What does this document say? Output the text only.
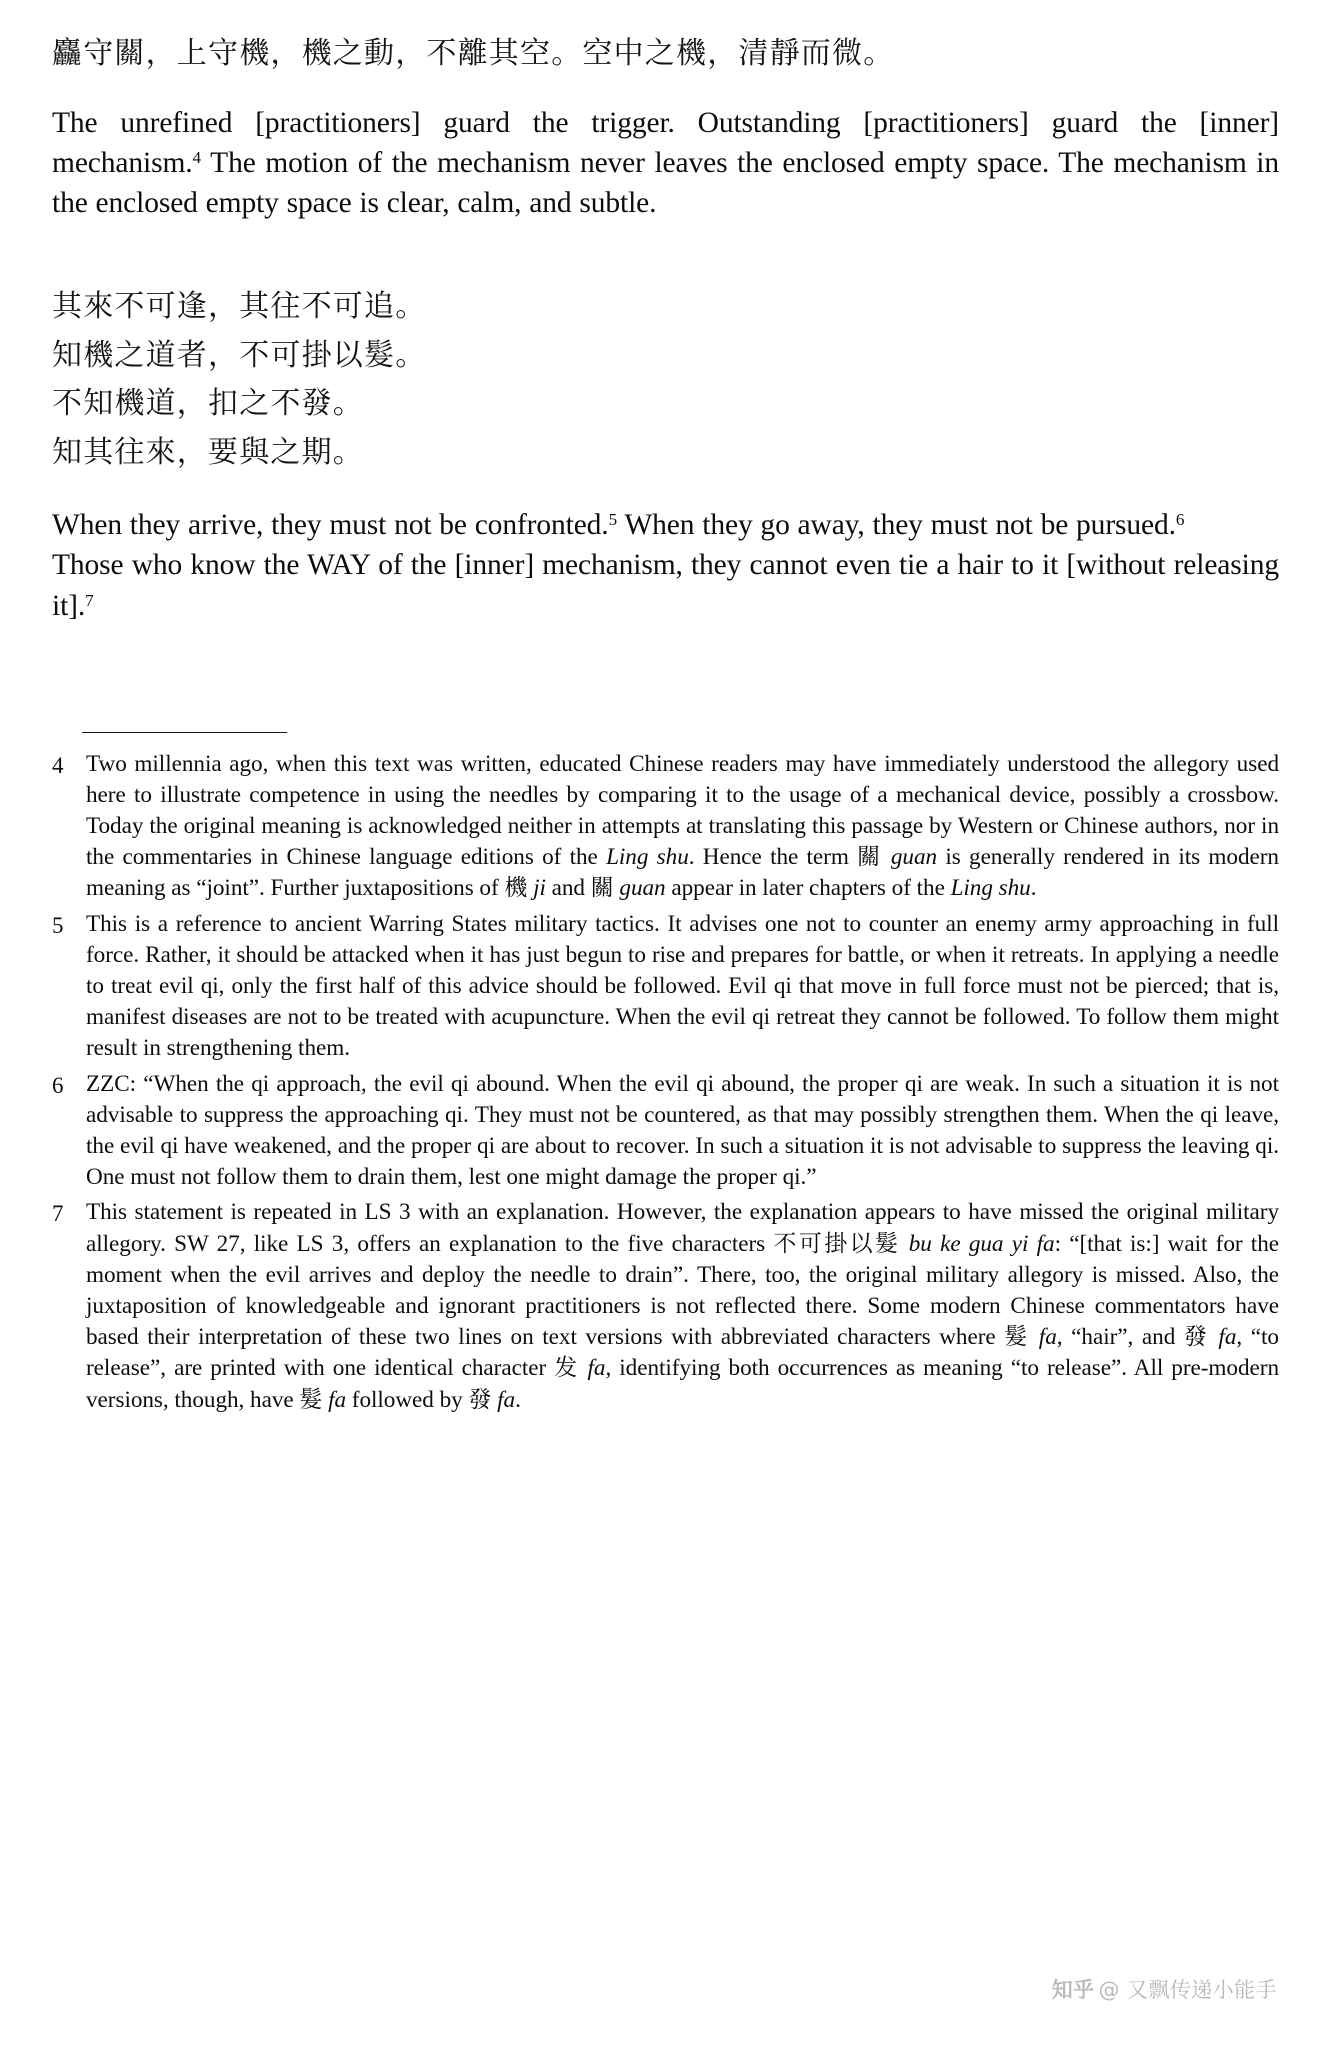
麤守關，上守機，機之動，不離其空。空中之機，清靜而微。

The unrefined [practitioners] guard the trigger. Outstanding [practitioners] guard the [inner] mechanism.$^4$ The motion of the mechanism never leaves the enclosed empty space. The mechanism in the enclosed empty space is clear, calm, and subtle.

其來不可逢，其往不可追。

知機之道者，不可掛以髮。

不知機道，扣之不發。

知其往來，要與之期。

When they arrive, they must not be confronted.$^5$ When they go away, they must not be pursued.$^6$

Those who know the WAY of the [inner] mechanism, they cannot even tie a hair to it [without releasing it].$^7$

4 Two millennia ago, when this text was written, educated Chinese readers may have immediately understood the allegory used here to illustrate competence in using the needles by comparing it to the usage of a mechanical device, possibly a crossbow. Today the original meaning is acknowledged neither in attempts at translating this passage by Western or Chinese authors, nor in the commentaries in Chinese language editions of the Ling shu. Hence the term 關 guan is generally rendered in its modern meaning as “joint”. Further juxtapositions of 機 ji and 關 guan appear in later chapters of the Ling shu.
5 This is a reference to ancient Warring States military tactics. It advises one not to counter an enemy army approaching in full force. Rather, it should be attacked when it has just begun to rise and prepares for battle, or when it retreats. In applying a needle to treat evil qi, only the first half of this advice should be followed. Evil qi that move in full force must not be pierced; that is, manifest diseases are not to be treated with acupuncture. When the evil qi retreat they cannot be followed. To follow them might result in strengthening them.
6 ZZC: “When the qi approach, the evil qi abound. When the evil qi abound, the proper qi are weak. In such a situation it is not advisable to suppress the approaching qi. They must not be countered, as that may possibly strengthen them. When the qi leave, the evil qi have weakened, and the proper qi are about to recover. In such a situation it is not advisable to suppress the leaving qi. One must not follow them to drain them, lest one might damage the proper qi.”
7 This statement is repeated in LS 3 with an explanation. However, the explanation appears to have missed the original military allegory. SW 27, like LS 3, offers an explanation to the five characters 不可掛以髮 bu ke gua yi fa: “[that is:] wait for the moment when the evil arrives and deploy the needle to drain”. There, too, the original military allegory is missed. Also, the juxtaposition of knowledgeable and ignorant practitioners is not reflected there. Some modern Chinese commentators have based their interpretation of these two lines on text versions with abbreviated characters where 髮 fa, “hair”, and 發 fa, “to release”, are printed with one identical character 发 fa, identifying both occurrences as meaning “to release”. All pre-modern versions, though, have 髮 fa followed by 發 fa.
知乎 @ 又飘传递小能手
